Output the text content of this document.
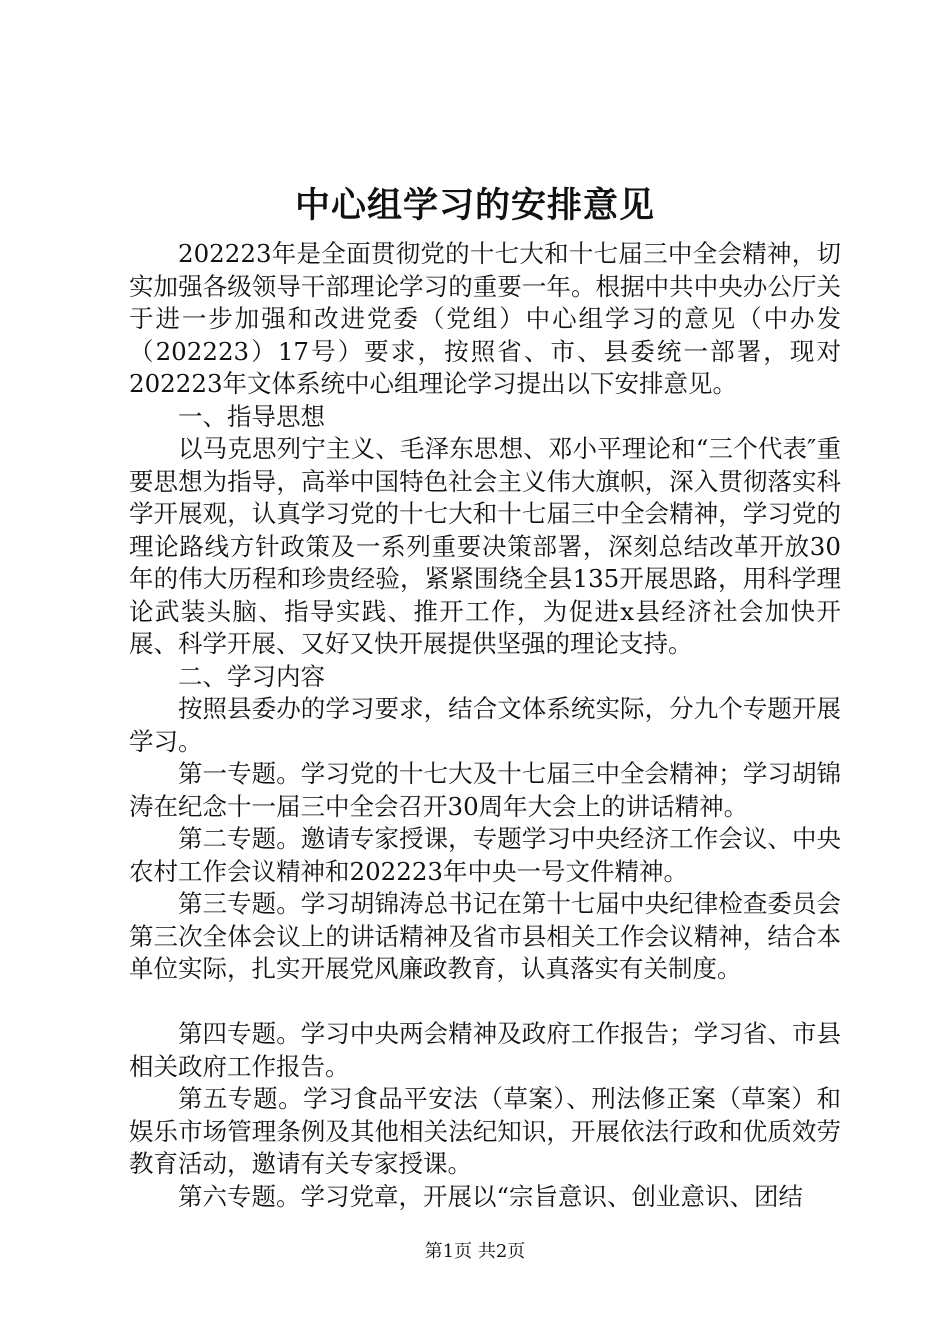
中心组学习的安排意见

202223年是全面贯彻党的十七大和十七届三中全会精神，切实加强各级领导干部理论学习的重要一年。根据中共中央办公厅关于进一步加强和改进党委（党组）中心组学习的意见（中办发（202223）17号）要求，按照省、市、县委统一部署，现对202223年文体系统中心组理论学习提出以下安排意见。

一、指导思想

以马克思列宁主义、毛泽东思想、邓小平理论和“三个代表″重要思想为指导，高举中国特色社会主义伟大旗帜，深入贯彻落实科学开展观，认真学习党的十七大和十七届三中全会精神，学习党的理论路线方针政策及一系列重要决策部署，深刻总结改革开放30年的伟大历程和珍贵经验，紧紧围绕全县135开展思路，用科学理论武装头脑、指导实践、推开工作，为促进x县经济社会加快开展、科学开展、又好又快开展提供坚强的理论支持。

二、学习内容

按照县委办的学习要求，结合文体系统实际，分九个专题开展学习。

第一专题。学习党的十七大及十七届三中全会精神；学习胡锦涛在纪念十一届三中全会召开30周年大会上的讲话精神。

第二专题。邀请专家授课，专题学习中央经济工作会议、中央农村工作会议精神和202223年中央一号文件精神。

第三专题。学习胡锦涛总书记在第十七届中央纪律检查委员会第三次全体会议上的讲话精神及省市县相关工作会议精神，结合本单位实际，扎实开展党风廉政教育，认真落实有关制度。

第四专题。学习中央两会精神及政府工作报告；学习省、市县相关政府工作报告。

第五专题。学习食品平安法（草案）、刑法修正案（草案）和娱乐市场管理条例及其他相关法纪知识，开展依法行政和优质效劳教育活动，邀请有关专家授课。

第六专题。学习党章，开展以“宗旨意识、创业意识、团结

第1页 共2页
